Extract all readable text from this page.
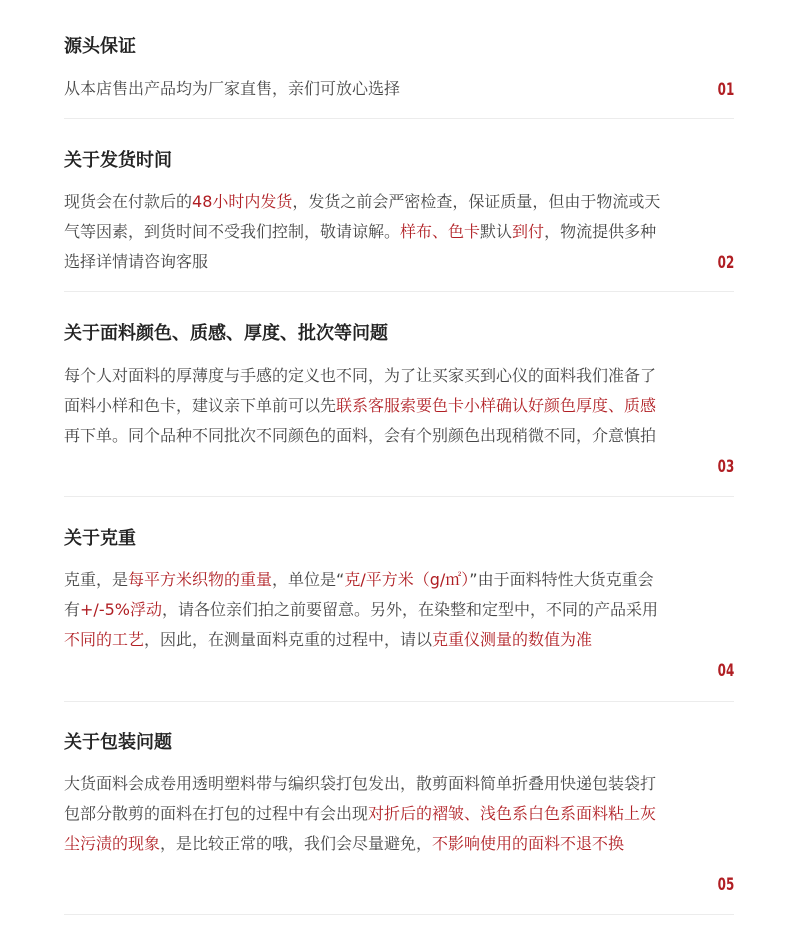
源头保证
从本店售出产品均为厂家直售，亲们可放心选择	01
关于发货时间
现货会在付款后的48小时内发货，发货之前会严密检查，保证质量，但由于物流或天气等因素，到货时间不受我们控制，敬请谅解。样布、色卡默认到付，物流提供多种选择详情请咨询客服	02
关于面料颜色、质感、厚度、批次等问题
每个人对面料的厚薄度与手感的定义也不同，为了让买家买到心仪的面料我们准备了面料小样和色卡，建议亲下单前可以先联系客服索要色卡小样确认好颜色厚度、质感再下单。同个品种不同批次不同颜色的面料，会有个别颜色出现稍微不同，介意慎拍
03
关于克重
克重，是每平方米织物的重量，单位是“克/平方米（g/㎡）”由于面料特性大货克重会有+/-5%浮动，请各位亲们拍之前要留意。另外，在染整和定型中，不同的产品采用不同的工艺，因此，在测量面料克重的过程中，请以克重仪测量的数值为准
04
关于包装问题
大货面料会成卷用透明塑料带与编织袋打包发出，散剪面料简单折叠用快递包装袋打包部分散剪的面料在打包的过程中有会出现对折后的褶皱、浅色系白色系面料粘上灰尘污渍的现象，是比较正常的哦，我们会尽量避免，不影响使用的面料不退不换
05
